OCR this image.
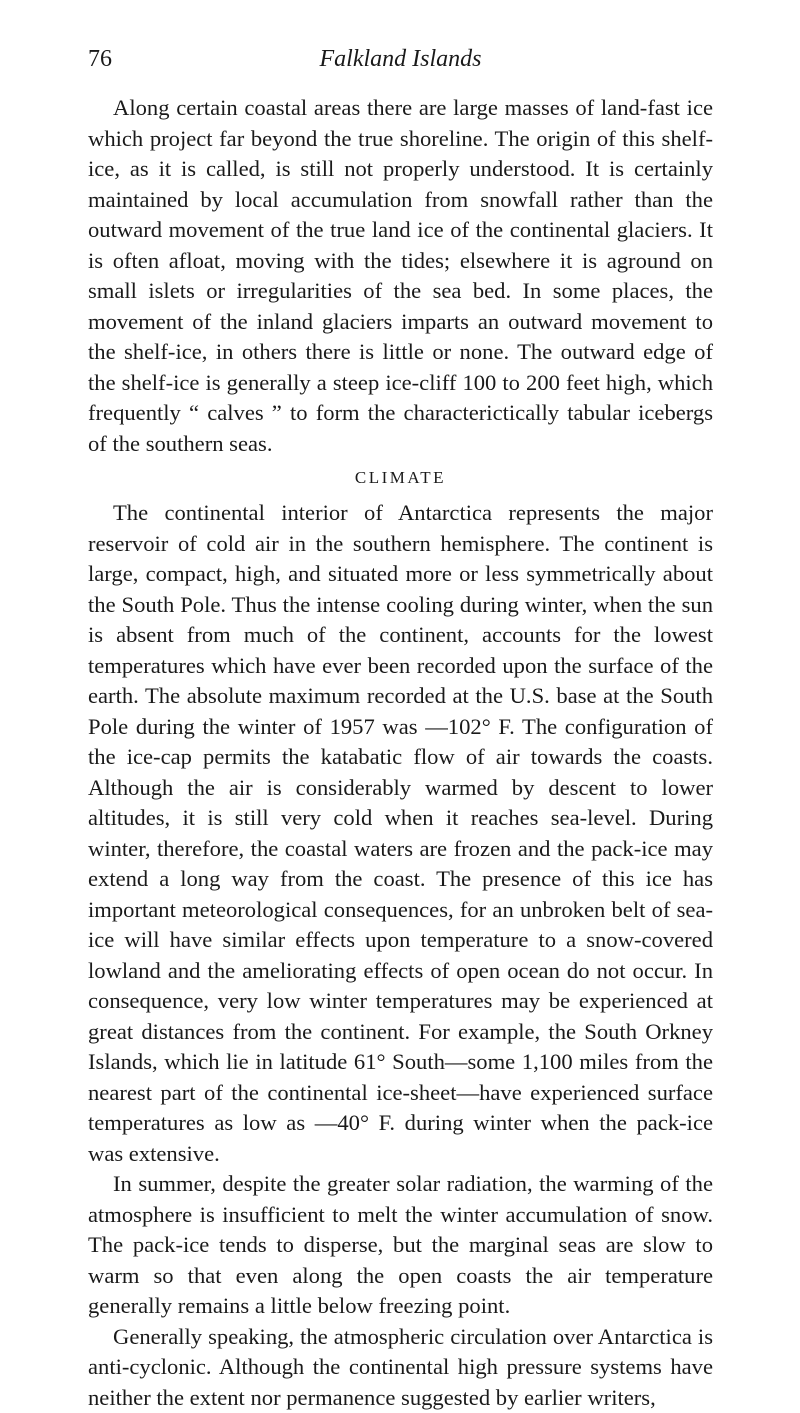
76	Falkland Islands

Along certain coastal areas there are large masses of land-fast ice which project far beyond the true shoreline. The origin of this shelf-ice, as it is called, is still not properly understood. It is certainly maintained by local accumulation from snowfall rather than the outward movement of the true land ice of the continental glaciers. It is often afloat, moving with the tides; elsewhere it is aground on small islets or irregularities of the sea bed. In some places, the movement of the inland glaciers imparts an outward movement to the shelf-ice, in others there is little or none. The outward edge of the shelf-ice is generally a steep ice-cliff 100 to 200 feet high, which frequently “ calves ” to form the characterictically tabular icebergs of the southern seas.

CLIMATE

The continental interior of Antarctica represents the major reservoir of cold air in the southern hemisphere. The continent is large, compact, high, and situated more or less symmetrically about the South Pole. Thus the intense cooling during winter, when the sun is absent from much of the continent, accounts for the lowest temperatures which have ever been recorded upon the surface of the earth. The absolute maximum recorded at the U.S. base at the South Pole during the winter of 1957 was —102° F. The configuration of the ice-cap permits the katabatic flow of air towards the coasts. Although the air is considerably warmed by descent to lower altitudes, it is still very cold when it reaches sea-level. During winter, therefore, the coastal waters are frozen and the pack-ice may extend a long way from the coast. The presence of this ice has important meteorological consequences, for an unbroken belt of sea-ice will have similar effects upon temperature to a snow-covered lowland and the ameliorating effects of open ocean do not occur. In consequence, very low winter temperatures may be experienced at great distances from the continent. For example, the South Orkney Islands, which lie in latitude 61° South—some 1,100 miles from the nearest part of the continental ice-sheet—have experienced surface temperatures as low as —40° F. during winter when the pack-ice was extensive.

In summer, despite the greater solar radiation, the warming of the atmosphere is insufficient to melt the winter accumulation of snow. The pack-ice tends to disperse, but the marginal seas are slow to warm so that even along the open coasts the air temperature generally remains a little below freezing point.

Generally speaking, the atmospheric circulation over Antarctica is anti-cyclonic. Although the continental high pressure systems have neither the extent nor permanence suggested by earlier writers,
